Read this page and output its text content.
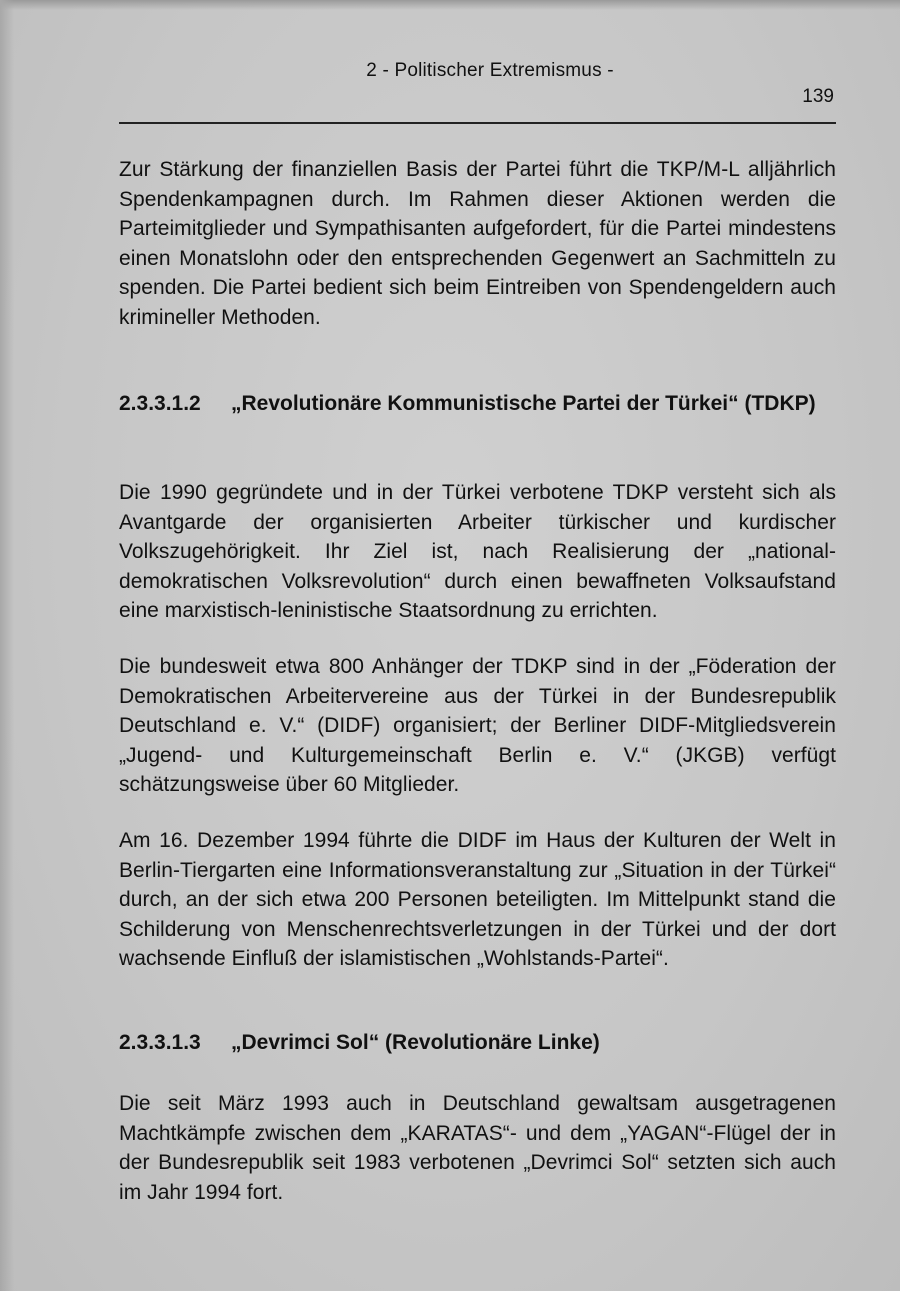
2 - Politischer Extremismus -
139

Zur Stärkung der finanziellen Basis der Partei führt die TKP/M-L alljährlich Spendenkampagnen durch. Im Rahmen dieser Aktionen werden die Parteimitglieder und Sympathisanten aufgefordert, für die Partei mindestens einen Monatslohn oder den entsprechenden Gegenwert an Sachmitteln zu spenden. Die Partei bedient sich beim Eintreiben von Spendengeldern auch krimineller Methoden.

2.3.3.1.2 „Revolutionäre Kommunistische Partei der Türkei“ (TDKP)

Die 1990 gegründete und in der Türkei verbotene TDKP versteht sich als Avantgarde der organisierten Arbeiter türkischer und kurdischer Volkszugehörigkeit. Ihr Ziel ist, nach Realisierung der „national-demokratischen Volksrevolution“ durch einen bewaffneten Volksaufstand eine marxistisch-leninistische Staatsordnung zu errichten.

Die bundesweit etwa 800 Anhänger der TDKP sind in der „Föderation der Demokratischen Arbeitervereine aus der Türkei in der Bundesrepublik Deutschland e. V.“ (DIDF) organisiert; der Berliner DIDF-Mitgliedsverein „Jugend- und Kulturgemeinschaft Berlin e. V.“ (JKGB) verfügt schätzungsweise über 60 Mitglieder.

Am 16. Dezember 1994 führte die DIDF im Haus der Kulturen der Welt in Berlin-Tiergarten eine Informationsveranstaltung zur „Situation in der Türkei“ durch, an der sich etwa 200 Personen beteiligten. Im Mittelpunkt stand die Schilderung von Menschenrechtsverletzungen in der Türkei und der dort wachsende Einfluß der islamistischen „Wohlstands-Partei“.

2.3.3.1.3 „Devrimci Sol“ (Revolutionäre Linke)

Die seit März 1993 auch in Deutschland gewaltsam ausgetragenen Machtkämpfe zwischen dem „KARATAS“- und dem „YAGAN“-Flügel der in der Bundesrepublik seit 1983 verbotenen „Devrimci Sol“ setzten sich auch im Jahr 1994 fort.
